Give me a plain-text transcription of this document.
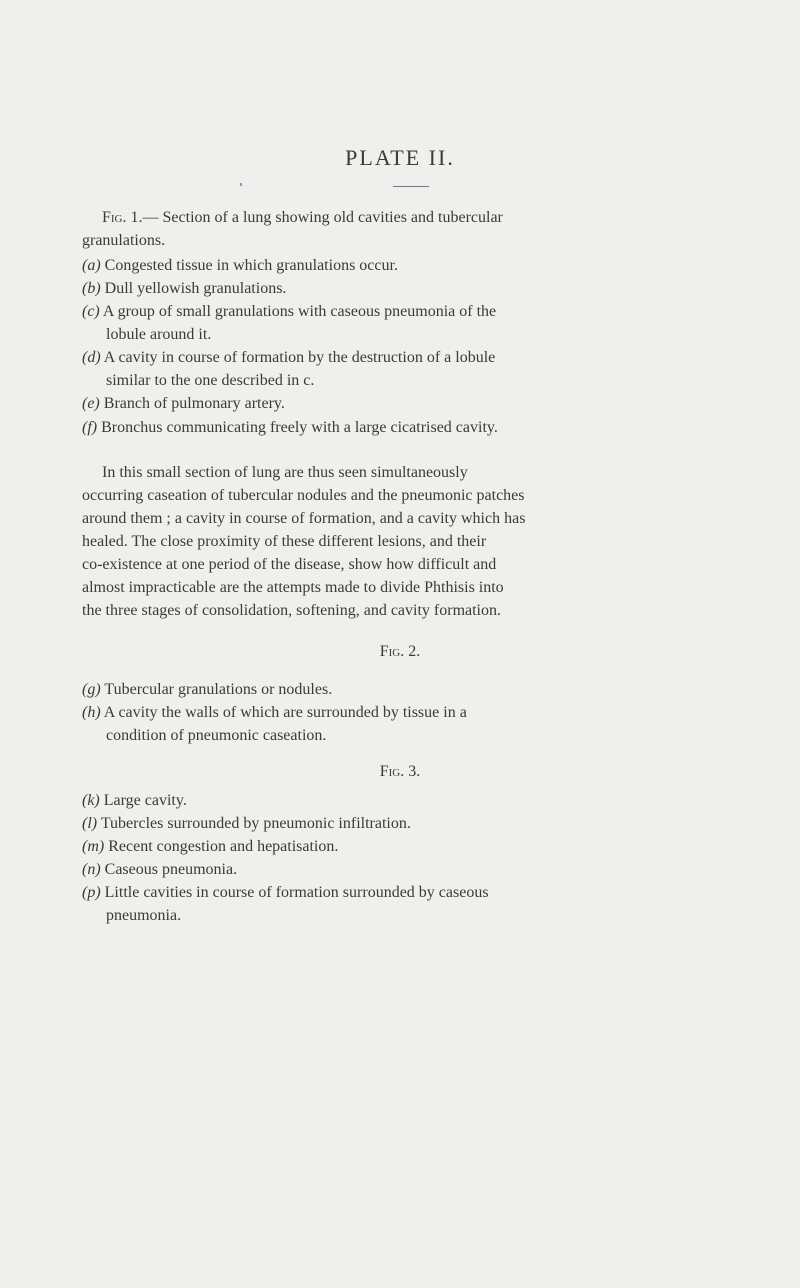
PLATE II.
Fig. 1.— Section of a lung showing old cavities and tubercular
granulations.
(a) Congested tissue in which granulations occur.
(b) Dull yellowish granulations.
(c) A group of small granulations with caseous pneumonia of the
lobule around it.
(d) A cavity in course of formation by the destruction of a lobule
similar to the one described in c.
(e) Branch of pulmonary artery.
(f) Bronchus communicating freely with a large cicatrised cavity.
In this small section of lung are thus seen simultaneously
occurring caseation of tubercular nodules and the pneumonic patches
around them ; a cavity in course of formation, and a cavity which has
healed. The close proximity of these different lesions, and their
co-existence at one period of the disease, show how difficult and
almost impracticable are the attempts made to divide Phthisis into
the three stages of consolidation, softening, and cavity formation.
Fig. 2.
(g) Tubercular granulations or nodules.
(h) A cavity the walls of which are surrounded by tissue in a
condition of pneumonic caseation.
Fig. 3.
(k) Large cavity.
(l) Tubercles surrounded by pneumonic infiltration.
(m) Recent congestion and hepatisation.
(n) Caseous pneumonia.
(p) Little cavities in course of formation surrounded by caseous
pneumonia.
